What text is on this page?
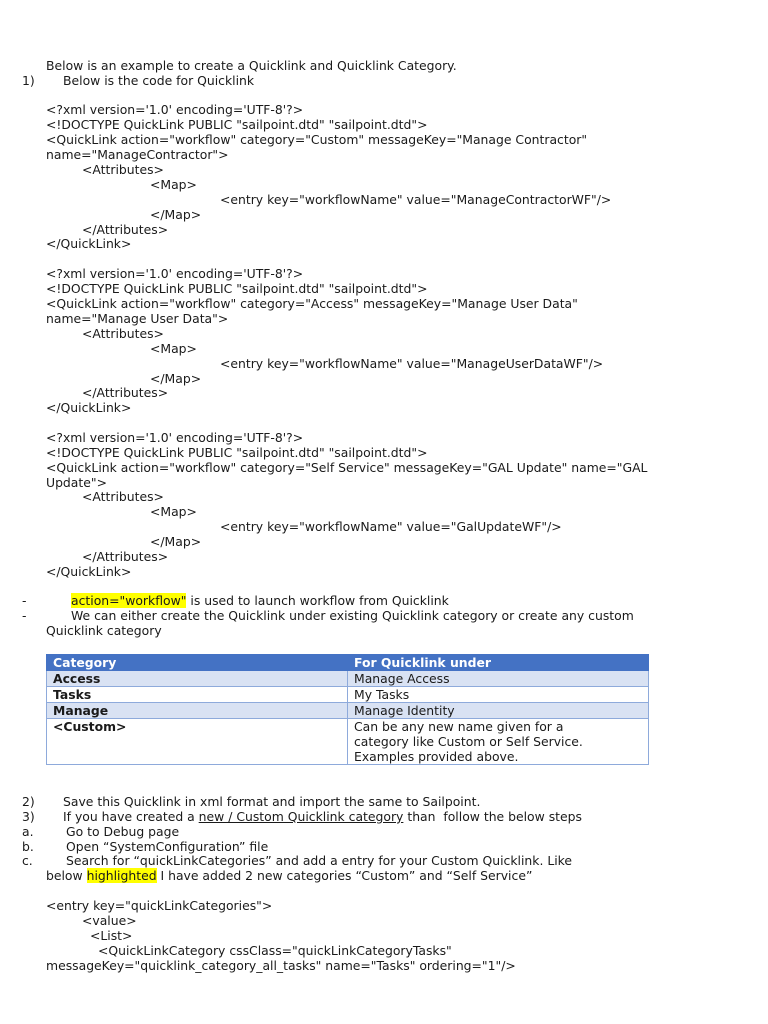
Below is an example to create a Quicklink and Quicklink Category.
1) Below is the code for Quicklink
<?xml version='1.0' encoding='UTF-8'?>
<!DOCTYPE QuickLink PUBLIC "sailpoint.dtd" "sailpoint.dtd">
<QuickLink action="workflow" category="Custom" messageKey="Manage Contractor"
name="ManageContractor">
<Attributes>
<Map>
<entry key="workflowName" value="ManageContractorWF"/>
</Map>
</Attributes>
</QuickLink>
<?xml version='1.0' encoding='UTF-8'?>
<!DOCTYPE QuickLink PUBLIC "sailpoint.dtd" "sailpoint.dtd">
<QuickLink action="workflow" category="Access" messageKey="Manage User Data"
name="Manage User Data">
<Attributes>
<Map>
<entry key="workflowName" value="ManageUserDataWF"/>
</Map>
</Attributes>
</QuickLink>
<?xml version='1.0' encoding='UTF-8'?>
<!DOCTYPE QuickLink PUBLIC "sailpoint.dtd" "sailpoint.dtd">
<QuickLink action="workflow" category="Self Service" messageKey="GAL Update" name="GAL
Update">
<Attributes>
<Map>
<entry key="workflowName" value="GalUpdateWF"/>
</Map>
</Attributes>
</QuickLink>
-	action="workflow" is used to launch workflow from Quicklink
-	We can either create the Quicklink under existing Quicklink category or create any custom
Quicklink category
Category	For Quicklink under
Access	Manage Access
Tasks	My Tasks
Manage	Manage Identity
<Custom>	Can be any new name given for a
category like Custom or Self Service.
Examples provided above.
2) Save this Quicklink in xml format and import the same to Sailpoint.
3) If you have created a new / Custom Quicklink category than  follow the below steps
a.	Go to Debug page
b.	Open “SystemConfiguration” file
c.	Search for “quickLinkCategories” and add a entry for your Custom Quicklink. Like
below highlighted I have added 2 new categories “Custom” and “Self Service”
<entry key="quickLinkCategories">
<value>
<List>
<QuickLinkCategory cssClass="quickLinkCategoryTasks"
messageKey="quicklink_category_all_tasks" name="Tasks" ordering="1"/>
